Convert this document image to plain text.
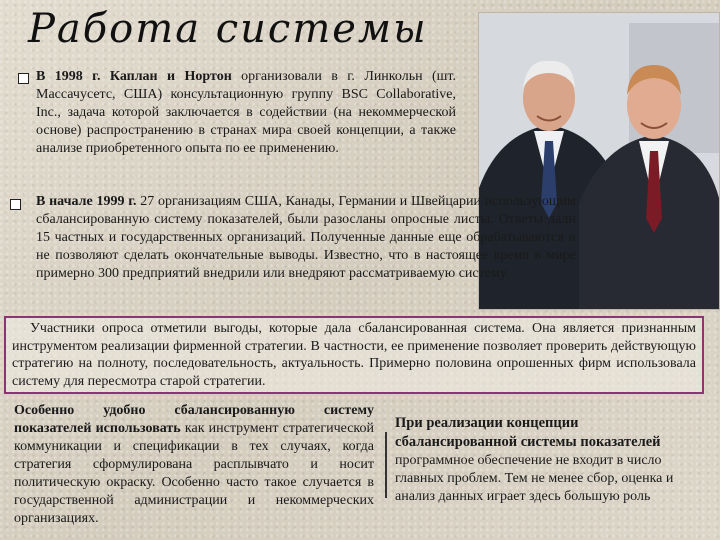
Работа системы

В 1998 г. Каплан и Нортон организовали в г. Линкольн (шт. Массачусетс, США) консультационную группу BSC Collaborative, Inc., задача которой заключается в содействии (на некоммерческой основе) распространению в странах мира своей концепции, а также анализе приобретенного опыта по ее применению.

В начале 1999 г. 27 организациям США, Канады, Германии и Швейцарии использующим сбалансированную систему показателей, были разосланы опросные листы. Ответы дали 15 частных и государственных организаций. Полученные данные еще обрабатываются и не позволяют сделать окончательные выводы. Известно, что в настоящее время в мире примерно 300 предприятий внедрили или внедряют рассматриваемую систему.

Участники опроса отметили выгоды, которые дала сбалансированная система. Она является признанным инструментом реализации фирменной стратегии. В частности, ее применение позволяет проверить действующую стратегию на полноту, последовательность, актуальность. Примерно половина опрошенных фирм использовала систему для пересмотра старой стратегии.

Особенно удобно сбалансированную систему показателей использовать как инструмент стратегической коммуникации и спецификации в тех случаях, когда стратегия сформулирована расплывчато и носит политическую окраску. Особенно часто такое случается в государственной администрации и некоммерческих организациях.

При реализации концепции сбалансированной системы показателей программное обеспечение не входит в число главных проблем. Тем не менее сбор, оценка и анализ данных играет здесь большую роль
